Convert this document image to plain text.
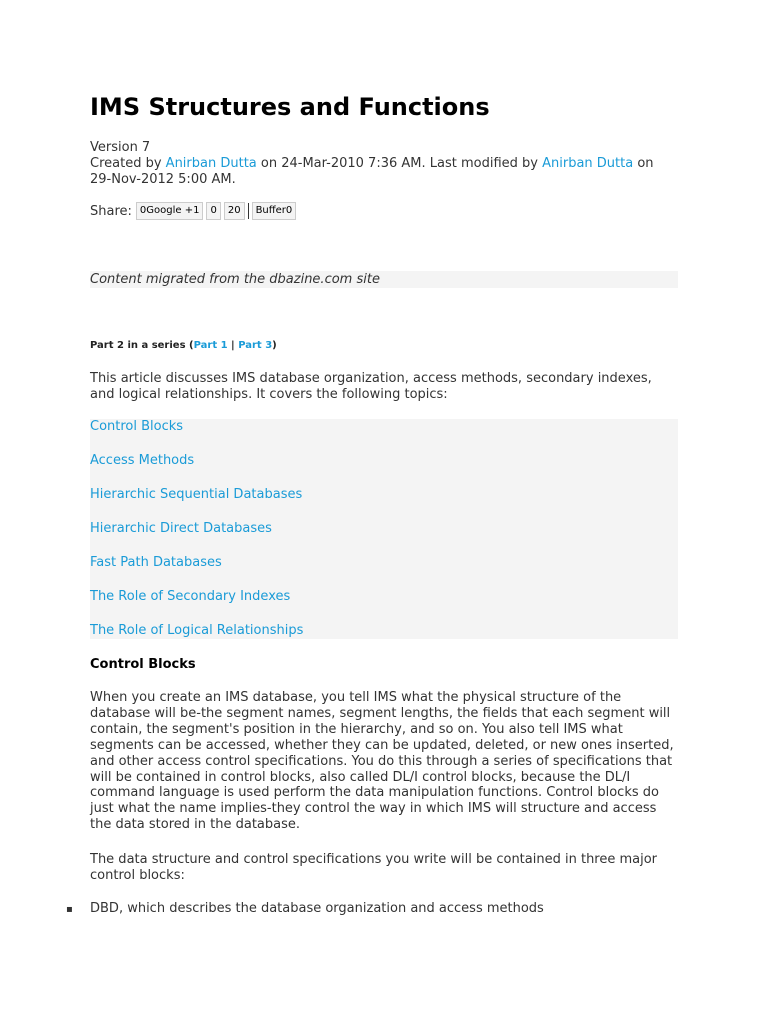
IMS Structures and Functions
Version 7
Created by Anirban Dutta on 24-Mar-2010 7:36 AM. Last modified by Anirban Dutta on 29-Nov-2012 5:00 AM.
Share: 0Google +1	0	20	Buffer0
Content migrated from the dbazine.com site
Part 2 in a series (Part 1 | Part 3)
This article discusses IMS database organization, access methods, secondary indexes, and logical relationships. It covers the following topics:
Control Blocks
Access Methods
Hierarchic Sequential Databases
Hierarchic Direct Databases
Fast Path Databases
The Role of Secondary Indexes
The Role of Logical Relationships
Control Blocks
When you create an IMS database, you tell IMS what the physical structure of the database will be-the segment names, segment lengths, the fields that each segment will contain, the segment's position in the hierarchy, and so on. You also tell IMS what segments can be accessed, whether they can be updated, deleted, or new ones inserted, and other access control specifications. You do this through a series of specifications that will be contained in control blocks, also called DL/I control blocks, because the DL/I command language is used perform the data manipulation functions. Control blocks do just what the name implies-they control the way in which IMS will structure and access the data stored in the database.
The data structure and control specifications you write will be contained in three major control blocks:
▪ DBD, which describes the database organization and access methods
